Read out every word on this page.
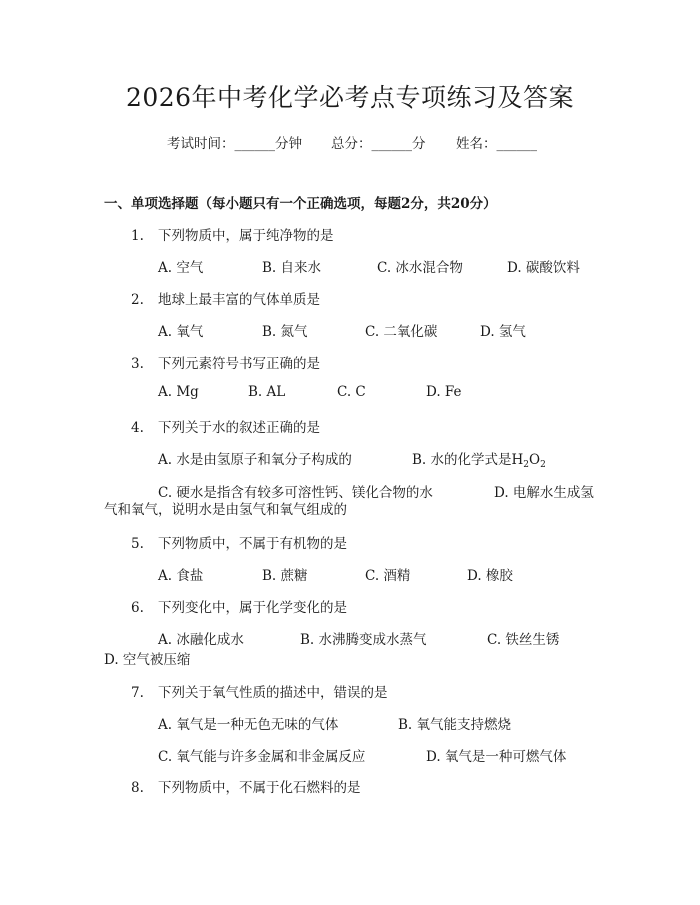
2026年中考化学必考点专项练习及答案
考试时间：______分钟 总分：______分 姓名：______
一、单项选择题（每小题只有一个正确选项，每题2分，共20分）
1. 下列物质中，属于纯净物的是
A. 空气	B. 自来水	C. 冰水混合物	D. 碳酸饮料
2. 地球上最丰富的气体单质是
A. 氧气	B. 氮气	C. 二氧化碳	D. 氢气
3. 下列元素符号书写正确的是
A. Mg	B. AL	C. C	D. Fe
4. 下列关于水的叙述正确的是
A. 水是由氢原子和氧分子构成的	B. 水的化学式是$H_2O_2$
C. 硬水是指含有较多可溶性钙、镁化合物的水	D. 电解水生成氢
气和氧气，说明水是由氢气和氧气组成的
5. 下列物质中，不属于有机物的是
A. 食盐	B. 蔗糖	C. 酒精	D. 橡胶
6. 下列变化中，属于化学变化的是
A. 冰融化成水	B. 水沸腾变成水蒸气	C. 铁丝生锈
D. 空气被压缩
7. 下列关于氧气性质的描述中，错误的是
A. 氧气是一种无色无味的气体	B. 氧气能支持燃烧
C. 氧气能与许多金属和非金属反应	D. 氧气是一种可燃气体
8. 下列物质中，不属于化石燃料的是
